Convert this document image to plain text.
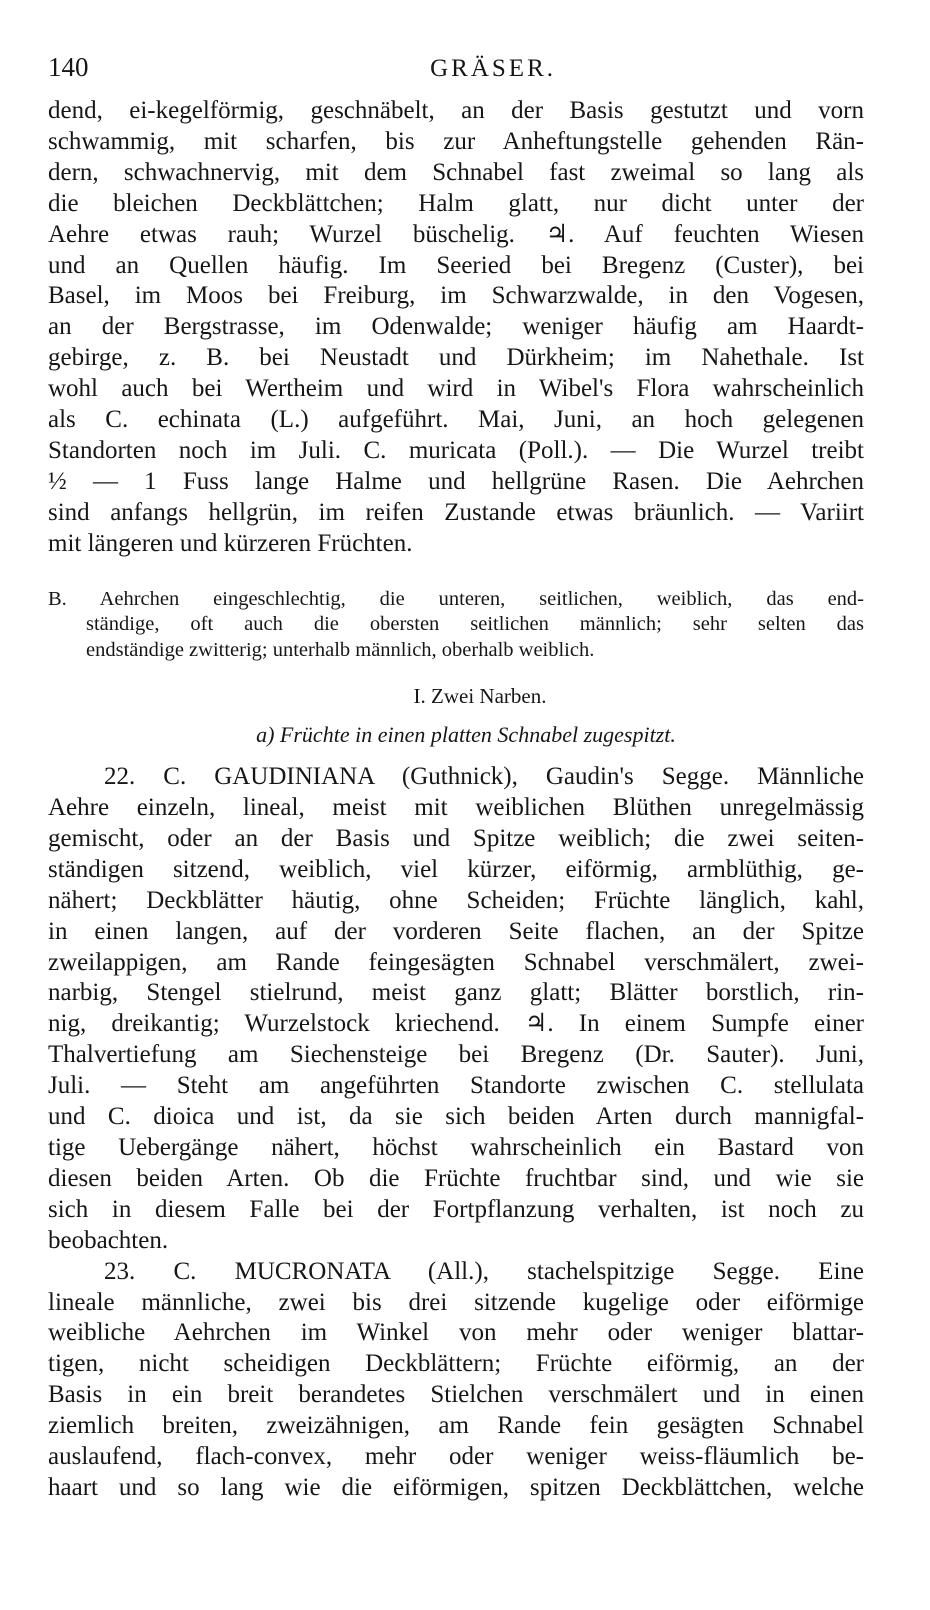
140	GRÄSER.

dend, ei-kegelförmig, geschnäbelt, an der Basis gestutzt und vorn
schwammig, mit scharfen, bis zur Anheftungstelle gehenden Rän-
dern, schwachnervig, mit dem Schnabel fast zweimal so lang als
die bleichen Deckblättchen; Halm glatt, nur dicht unter der
Aehre etwas rauh; Wurzel büschelig. ♃. Auf feuchten Wiesen
und an Quellen häufig. Im Seeried bei Bregenz (Custer), bei
Basel, im Moos bei Freiburg, im Schwarzwalde, in den Vogesen,
an der Bergstrasse, im Odenwalde; weniger häufig am Haardt-
gebirge, z. B. bei Neustadt und Dürkheim; im Nahethale. Ist
wohl auch bei Wertheim und wird in Wibel's Flora wahrscheinlich
als C. echinata (L.) aufgeführt. Mai, Juni, an hoch gelegenen
Standorten noch im Juli. C. muricata (Poll.). — Die Wurzel treibt
½ — 1 Fuss lange Halme und hellgrüne Rasen. Die Aehrchen
sind anfangs hellgrün, im reifen Zustande etwas bräunlich. — Variirt
mit längeren und kürzeren Früchten.

B. Aehrchen eingeschlechtig, die unteren, seitlichen, weiblich, das end-
ständige, oft auch die obersten seitlichen männlich; sehr selten das
endständige zwitterig; unterhalb männlich, oberhalb weiblich.

I. Zwei Narben.

a) Früchte in einen platten Schnabel zugespitzt.

22. C. GAUDINIANA (Guthnick), Gaudin's Segge. Männliche
Aehre einzeln, lineal, meist mit weiblichen Blüthen unregelmässig
gemischt, oder an der Basis und Spitze weiblich; die zwei seiten-
ständigen sitzend, weiblich, viel kürzer, eiförmig, armblüthig, ge-
nähert; Deckblätter häutig, ohne Scheiden; Früchte länglich, kahl,
in einen langen, auf der vorderen Seite flachen, an der Spitze
zweilappigen, am Rande feingesägten Schnabel verschmälert, zwei-
narbig, Stengel stielrund, meist ganz glatt; Blätter borstlich, rin-
nig, dreikantig; Wurzelstock kriechend. ♃. In einem Sumpfe einer
Thalvertiefung am Siechensteige bei Bregenz (Dr. Sauter). Juni,
Juli. — Steht am angeführten Standorte zwischen C. stellulata
und C. dioica und ist, da sie sich beiden Arten durch mannigfal-
tige Uebergänge nähert, höchst wahrscheinlich ein Bastard von
diesen beiden Arten. Ob die Früchte fruchtbar sind, und wie sie
sich in diesem Falle bei der Fortpflanzung verhalten, ist noch zu
beobachten.

23. C. MUCRONATA (All.), stachelspitzige Segge. Eine
lineale männliche, zwei bis drei sitzende kugelige oder eiförmige
weibliche Aehrchen im Winkel von mehr oder weniger blattar-
tigen, nicht scheidigen Deckblättern; Früchte eiförmig, an der
Basis in ein breit berandetes Stielchen verschmälert und in einen
ziemlich breiten, zweizähnigen, am Rande fein gesägten Schnabel
auslaufend, flach-convex, mehr oder weniger weiss-fläumlich be-
haart und so lang wie die eiförmigen, spitzen Deckblättchen, welche
